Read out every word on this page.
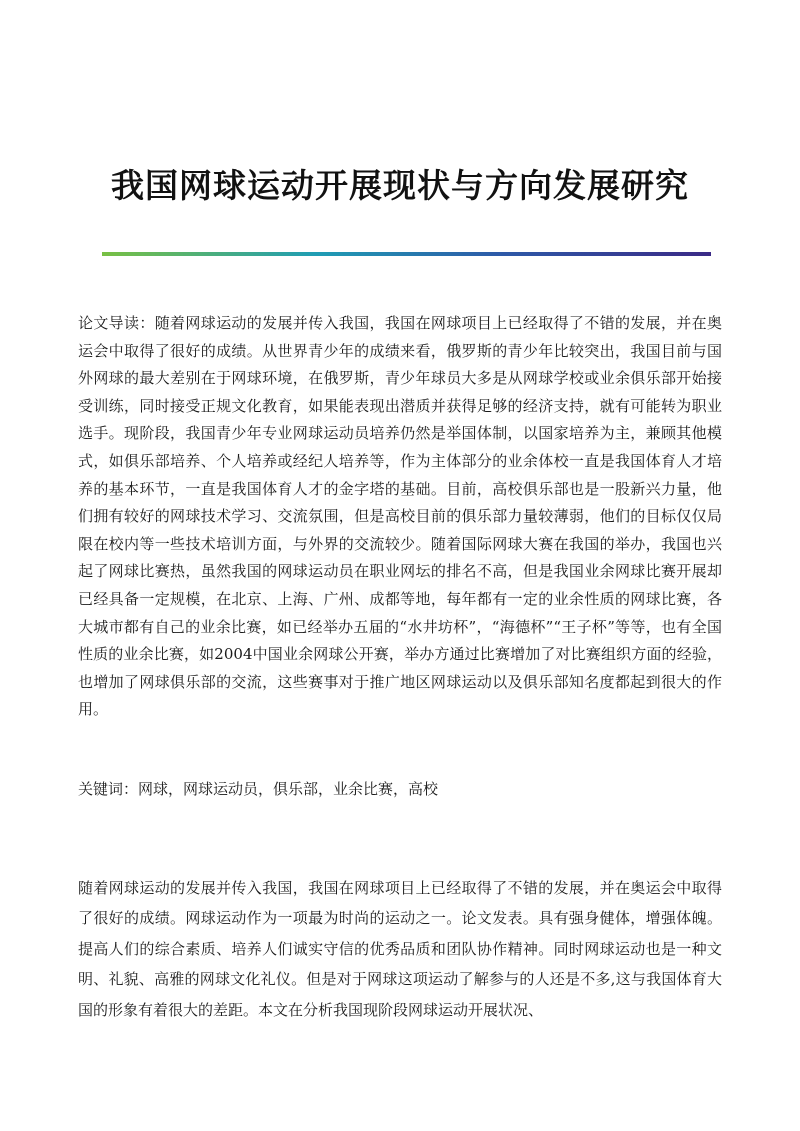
我国网球运动开展现状与方向发展研究
论文导读：随着网球运动的发展并传入我国，我国在网球项目上已经取得了不错的发展，并在奥运会中取得了很好的成绩。从世界青少年的成绩来看，俄罗斯的青少年比较突出，我国目前与国外网球的最大差别在于网球环境，在俄罗斯，青少年球员大多是从网球学校或业余俱乐部开始接受训练，同时接受正规文化教育，如果能表现出潜质并获得足够的经济支持，就有可能转为职业选手。现阶段，我国青少年专业网球运动员培养仍然是举国体制，以国家培养为主，兼顾其他模式，如俱乐部培养、个人培养或经纪人培养等，作为主体部分的业余体校一直是我国体育人才培养的基本环节，一直是我国体育人才的金字塔的基础。目前，高校俱乐部也是一股新兴力量，他们拥有较好的网球技术学习、交流氛围，但是高校目前的俱乐部力量较薄弱，他们的目标仅仅局限在校内等一些技术培训方面，与外界的交流较少。随着国际网球大赛在我国的举办，我国也兴起了网球比赛热，虽然我国的网球运动员在职业网坛的排名不高，但是我国业余网球比赛开展却已经具备一定规模，在北京、上海、广州、成都等地，每年都有一定的业余性质的网球比赛，各大城市都有自己的业余比赛，如已经举办五届的“水井坊杯”，“海德杯”“王子杯”等等，也有全国性质的业余比赛，如2004中国业余网球公开赛，举办方通过比赛增加了对比赛组织方面的经验，也增加了网球俱乐部的交流，这些赛事对于推广地区网球运动以及俱乐部知名度都起到很大的作用。
关键词：网球，网球运动员，俱乐部，业余比赛，高校
随着网球运动的发展并传入我国，我国在网球项目上已经取得了不错的发展，并在奥运会中取得了很好的成绩。网球运动作为一项最为时尚的运动之一。论文发表。具有强身健体，增强体魄。提高人们的综合素质、培养人们诚实守信的优秀品质和团队协作精神。同时网球运动也是一种文明、礼貌、高雅的网球文化礼仪。但是对于网球这项运动了解参与的人还是不多,这与我国体育大国的形象有着很大的差距。本文在分析我国现阶段网球运动开展状况、
